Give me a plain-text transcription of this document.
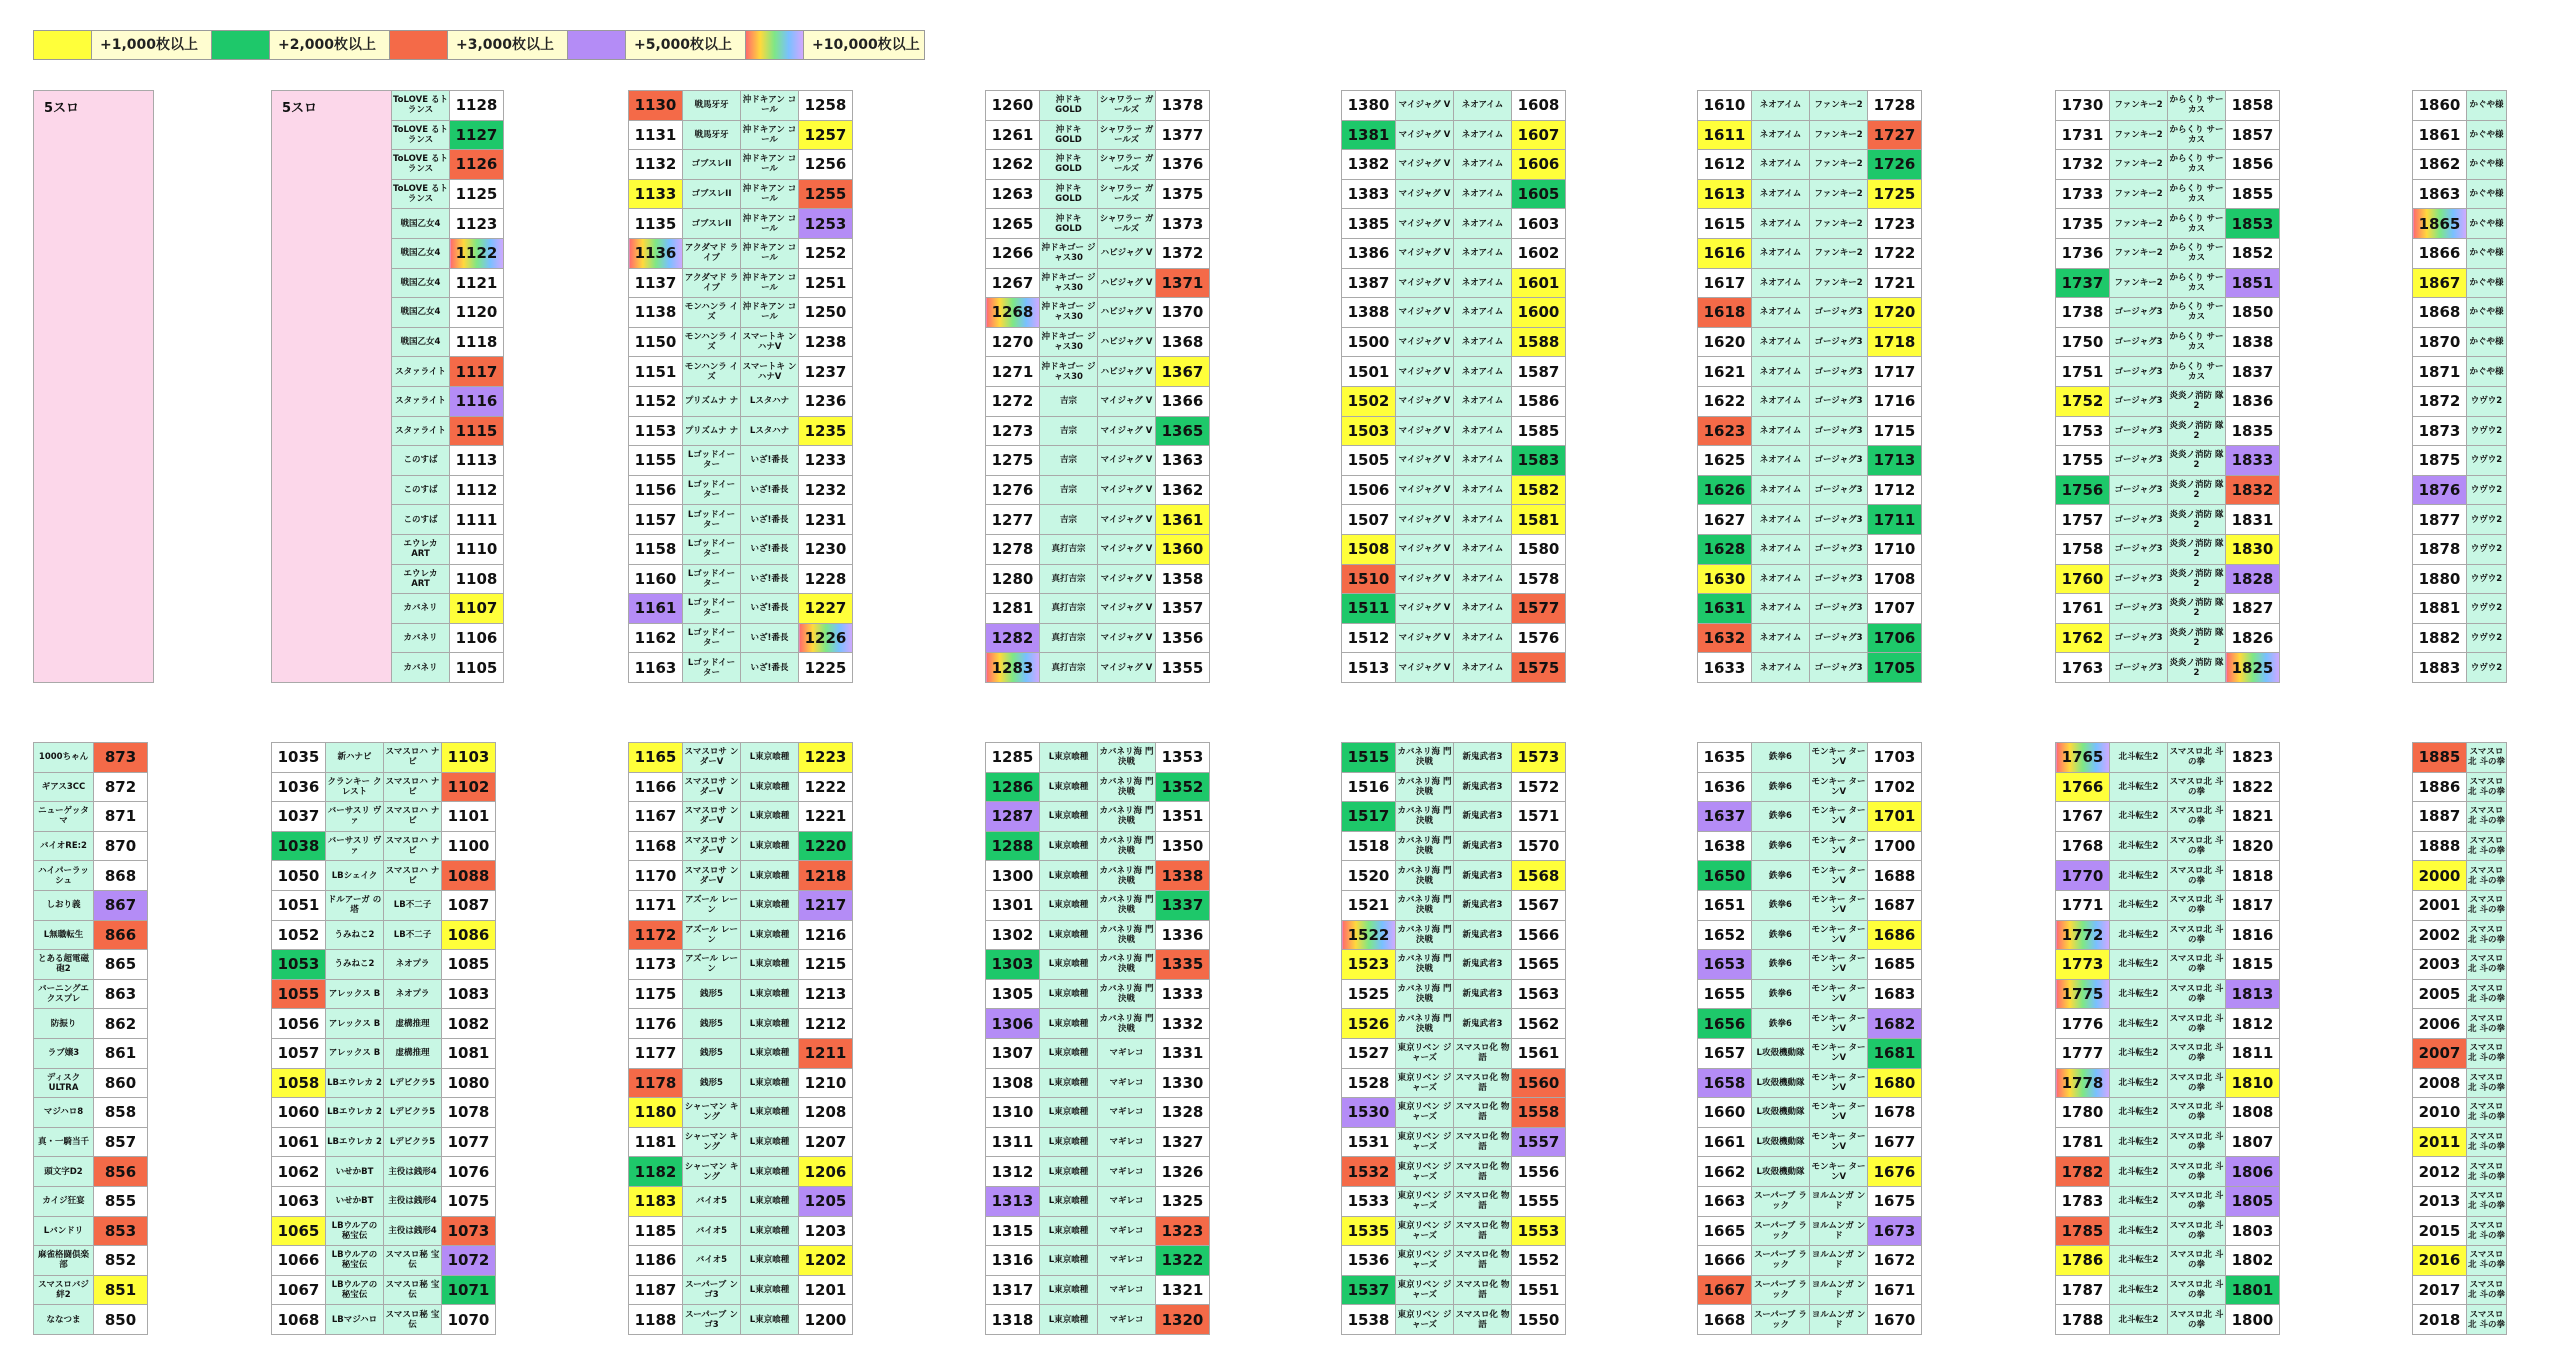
+1,000枚以上	+2,000枚以上	+3,000枚以上	+5,000枚以上	+10,000枚以上
5スロ	5スロ	ToLOVE るトランス	1128
	ToLOVE るトランス	1127
	ToLOVE るトランス	1126
	ToLOVE るトランス	1125
	戦国乙女4	1123
	戦国乙女4	1122
	戦国乙女4	1121
	戦国乙女4	1120
	戦国乙女4	1118
	スタァライト	1117
	スタァライト	1116
	スタァライト	1115
	このすば	1113
	このすば	1112
	このすば	1111
	エウレカ ART	1110
	エウレカ ART	1108
	カバネリ	1107
	カバネリ	1106
	カバネリ	1105
1130	戦馬牙牙	沖ドキアン コール	1258
1131	戦馬牙牙	沖ドキアン コール	1257
1132	ゴブスレII	沖ドキアン コール	1256
1133	ゴブスレII	沖ドキアン コール	1255
1135	ゴブスレII	沖ドキアン コール	1253
1136	アクダマド ライブ	沖ドキアン コール	1252
1137	アクダマド ライブ	沖ドキアン コール	1251
1138	モンハンラ イズ	沖ドキアン コール	1250
1150	モンハンラ イズ	スマートキ ンハナV	1238
1151	モンハンラ イズ	スマートキ ンハナV	1237
1152	プリズムナ ナ	Lスタハナ	1236
1153	プリズムナ ナ	Lスタハナ	1235
1155	Lゴッドイー ター	いざ!番長	1233
1156	Lゴッドイー ター	いざ!番長	1232
1157	Lゴッドイー ター	いざ!番長	1231
1158	Lゴッドイー ター	いざ!番長	1230
1160	Lゴッドイー ター	いざ!番長	1228
1161	Lゴッドイー ター	いざ!番長	1227
1162	Lゴッドイー ター	いざ!番長	1226
1163	Lゴッドイー ター	いざ!番長	1225
1260	沖ドキ GOLD	シャワラー ガールズ	1378
1261	沖ドキ GOLD	シャワラー ガールズ	1377
1262	沖ドキ GOLD	シャワラー ガールズ	1376
1263	沖ドキ GOLD	シャワラー ガールズ	1375
1265	沖ドキ GOLD	シャワラー ガールズ	1373
1266	沖ドキゴー ジャス30	ハピジャグ V	1372
1267	沖ドキゴー ジャス30	ハピジャグ V	1371
1268	沖ドキゴー ジャス30	ハピジャグ V	1370
1270	沖ドキゴー ジャス30	ハピジャグ V	1368
1271	沖ドキゴー ジャス30	ハピジャグ V	1367
1272	吉宗	マイジャグ V	1366
1273	吉宗	マイジャグ V	1365
1275	吉宗	マイジャグ V	1363
1276	吉宗	マイジャグ V	1362
1277	吉宗	マイジャグ V	1361
1278	真打吉宗	マイジャグ V	1360
1280	真打吉宗	マイジャグ V	1358
1281	真打吉宗	マイジャグ V	1357
1282	真打吉宗	マイジャグ V	1356
1283	真打吉宗	マイジャグ V	1355
1380	マイジャグ V	ネオアイム	1608
1381	マイジャグ V	ネオアイム	1607
1382	マイジャグ V	ネオアイム	1606
1383	マイジャグ V	ネオアイム	1605
1385	マイジャグ V	ネオアイム	1603
1386	マイジャグ V	ネオアイム	1602
1387	マイジャグ V	ネオアイム	1601
1388	マイジャグ V	ネオアイム	1600
1500	マイジャグ V	ネオアイム	1588
1501	マイジャグ V	ネオアイム	1587
1502	マイジャグ V	ネオアイム	1586
1503	マイジャグ V	ネオアイム	1585
1505	マイジャグ V	ネオアイム	1583
1506	マイジャグ V	ネオアイム	1582
1507	マイジャグ V	ネオアイム	1581
1508	マイジャグ V	ネオアイム	1580
1510	マイジャグ V	ネオアイム	1578
1511	マイジャグ V	ネオアイム	1577
1512	マイジャグ V	ネオアイム	1576
1513	マイジャグ V	ネオアイム	1575
1610	ネオアイム	ファンキー2	1728
1611	ネオアイム	ファンキー2	1727
1612	ネオアイム	ファンキー2	1726
1613	ネオアイム	ファンキー2	1725
1615	ネオアイム	ファンキー2	1723
1616	ネオアイム	ファンキー2	1722
1617	ネオアイム	ファンキー2	1721
1618	ネオアイム	ゴージャグ3	1720
1620	ネオアイム	ゴージャグ3	1718
1621	ネオアイム	ゴージャグ3	1717
1622	ネオアイム	ゴージャグ3	1716
1623	ネオアイム	ゴージャグ3	1715
1625	ネオアイム	ゴージャグ3	1713
1626	ネオアイム	ゴージャグ3	1712
1627	ネオアイム	ゴージャグ3	1711
1628	ネオアイム	ゴージャグ3	1710
1630	ネオアイム	ゴージャグ3	1708
1631	ネオアイム	ゴージャグ3	1707
1632	ネオアイム	ゴージャグ3	1706
1633	ネオアイム	ゴージャグ3	1705
1730	ファンキー2	からくり サーカス	1858
1731	ファンキー2	からくり サーカス	1857
1732	ファンキー2	からくり サーカス	1856
1733	ファンキー2	からくり サーカス	1855
1735	ファンキー2	からくり サーカス	1853
1736	ファンキー2	からくり サーカス	1852
1737	ファンキー2	からくり サーカス	1851
1738	ゴージャグ3	からくり サーカス	1850
1750	ゴージャグ3	からくり サーカス	1838
1751	ゴージャグ3	からくり サーカス	1837
1752	ゴージャグ3	炎炎ノ消防 隊2	1836
1753	ゴージャグ3	炎炎ノ消防 隊2	1835
1755	ゴージャグ3	炎炎ノ消防 隊2	1833
1756	ゴージャグ3	炎炎ノ消防 隊2	1832
1757	ゴージャグ3	炎炎ノ消防 隊2	1831
1758	ゴージャグ3	炎炎ノ消防 隊2	1830
1760	ゴージャグ3	炎炎ノ消防 隊2	1828
1761	ゴージャグ3	炎炎ノ消防 隊2	1827
1762	ゴージャグ3	炎炎ノ消防 隊2	1826
1763	ゴージャグ3	炎炎ノ消防 隊2	1825
1860	かぐや様
1861	かぐや様
1862	かぐや様
1863	かぐや様
1865	かぐや様
1866	かぐや様
1867	かぐや様
1868	かぐや様
1870	かぐや様
1871	かぐや様
1872	ウヴウ2
1873	ウヴウ2
1875	ウヴウ2
1876	ウヴウ2
1877	ウヴウ2
1878	ウヴウ2
1880	ウヴウ2
1881	ウヴウ2
1882	ウヴウ2
1883	ウヴウ2
1000ちゃん	873
ギアス3CC	872
ニューゲッタマ	871
バイオRE:2	870
ハイパーラッシュ	868
しおり義	867
L無職転生	866
とある超電磁砲2	865
バーニングエクスプレ	863
防振り	862
ラブ嬢3	861
ディスクULTRA	860
マジハロ8	858
真・一騎当千	857
頭文字D2	856
カイジ狂宴	855
Lバンドリ	853
麻雀格闘倶楽部	852
スマスロバジ絆2	851
ななつま	850
1035	新ハナビ	スマスロハ ナビ	1103
1036	クランキー クレスト	スマスロハ ナビ	1102
1037	バーサスリ ヴァ	スマスロハ ナビ	1101
1038	バーサスリ ヴァ	スマスロハ ナビ	1100
1050	LBシェイク	スマスロハ ナビ	1088
1051	ドルアーガ の塔	LB不二子	1087
1052	うみねこ2	LB不二子	1086
1053	うみねこ2	ネオプラ	1085
1055	アレックス B	ネオプラ	1083
1056	アレックス B	虚構推理	1082
1057	アレックス B	虚構推理	1081
1058	LBエウレカ 2	Lデビクラ5	1080
1060	LBエウレカ 2	Lデビクラ5	1078
1061	LBエウレカ 2	Lデビクラ5	1077
1062	いせかBT	主役は銭形4	1076
1063	いせかBT	主役は銭形4	1075
1065	LBウルアの 秘宝伝	主役は銭形4	1073
1066	LBウルアの 秘宝伝	スマスロ秘 宝伝	1072
1067	LBウルアの 秘宝伝	スマスロ秘 宝伝	1071
1068	LBマジハロ	スマスロ秘 宝伝	1070
1165	スマスロサ ンダーV	L東京喰種	1223
1166	スマスロサ ンダーV	L東京喰種	1222
1167	スマスロサ ンダーV	L東京喰種	1221
1168	スマスロサ ンダーV	L東京喰種	1220
1170	スマスロサ ンダーV	L東京喰種	1218
1171	アズール レーン	L東京喰種	1217
1172	アズール レーン	L東京喰種	1216
1173	アズール レーン	L東京喰種	1215
1175	銭形5	L東京喰種	1213
1176	銭形5	L東京喰種	1212
1177	銭形5	L東京喰種	1211
1178	銭形5	L東京喰種	1210
1180	シャーマン キング	L東京喰種	1208
1181	シャーマン キング	L東京喰種	1207
1182	シャーマン キング	L東京喰種	1206
1183	バイオ5	L東京喰種	1205
1185	バイオ5	L東京喰種	1203
1186	バイオ5	L東京喰種	1202
1187	スーパーブ ンゴ3	L東京喰種	1201
1188	スーパーブ ンゴ3	L東京喰種	1200
1285	L東京喰種	カバネリ海 門決戦	1353
1286	L東京喰種	カバネリ海 門決戦	1352
1287	L東京喰種	カバネリ海 門決戦	1351
1288	L東京喰種	カバネリ海 門決戦	1350
1300	L東京喰種	カバネリ海 門決戦	1338
1301	L東京喰種	カバネリ海 門決戦	1337
1302	L東京喰種	カバネリ海 門決戦	1336
1303	L東京喰種	カバネリ海 門決戦	1335
1305	L東京喰種	カバネリ海 門決戦	1333
1306	L東京喰種	カバネリ海 門決戦	1332
1307	L東京喰種	マギレコ	1331
1308	L東京喰種	マギレコ	1330
1310	L東京喰種	マギレコ	1328
1311	L東京喰種	マギレコ	1327
1312	L東京喰種	マギレコ	1326
1313	L東京喰種	マギレコ	1325
1315	L東京喰種	マギレコ	1323
1316	L東京喰種	マギレコ	1322
1317	L東京喰種	マギレコ	1321
1318	L東京喰種	マギレコ	1320
1515	カバネリ海 門決戦	新鬼武者3	1573
1516	カバネリ海 門決戦	新鬼武者3	1572
1517	カバネリ海 門決戦	新鬼武者3	1571
1518	カバネリ海 門決戦	新鬼武者3	1570
1520	カバネリ海 門決戦	新鬼武者3	1568
1521	カバネリ海 門決戦	新鬼武者3	1567
1522	カバネリ海 門決戦	新鬼武者3	1566
1523	カバネリ海 門決戦	新鬼武者3	1565
1525	カバネリ海 門決戦	新鬼武者3	1563
1526	カバネリ海 門決戦	新鬼武者3	1562
1527	東京リベン ジャーズ	スマスロ化 物語	1561
1528	東京リベン ジャーズ	スマスロ化 物語	1560
1530	東京リベン ジャーズ	スマスロ化 物語	1558
1531	東京リベン ジャーズ	スマスロ化 物語	1557
1532	東京リベン ジャーズ	スマスロ化 物語	1556
1533	東京リベン ジャーズ	スマスロ化 物語	1555
1535	東京リベン ジャーズ	スマスロ化 物語	1553
1536	東京リベン ジャーズ	スマスロ化 物語	1552
1537	東京リベン ジャーズ	スマスロ化 物語	1551
1538	東京リベン ジャーズ	スマスロ化 物語	1550
1635	鉄拳6	モンキー ターンV	1703
1636	鉄拳6	モンキー ターンV	1702
1637	鉄拳6	モンキー ターンV	1701
1638	鉄拳6	モンキー ターンV	1700
1650	鉄拳6	モンキー ターンV	1688
1651	鉄拳6	モンキー ターンV	1687
1652	鉄拳6	モンキー ターンV	1686
1653	鉄拳6	モンキー ターンV	1685
1655	鉄拳6	モンキー ターンV	1683
1656	鉄拳6	モンキー ターンV	1682
1657	L攻殻機動隊	モンキー ターンV	1681
1658	L攻殻機動隊	モンキー ターンV	1680
1660	L攻殻機動隊	モンキー ターンV	1678
1661	L攻殻機動隊	モンキー ターンV	1677
1662	L攻殻機動隊	モンキー ターンV	1676
1663	スーパーブ ラック	ヨルムンガ ンド	1675
1665	スーパーブ ラック	ヨルムンガ ンド	1673
1666	スーパーブ ラック	ヨルムンガ ンド	1672
1667	スーパーブ ラック	ヨルムンガ ンド	1671
1668	スーパーブ ラック	ヨルムンガ ンド	1670
1765	北斗転生2	スマスロ北 斗の拳	1823
1766	北斗転生2	スマスロ北 斗の拳	1822
1767	北斗転生2	スマスロ北 斗の拳	1821
1768	北斗転生2	スマスロ北 斗の拳	1820
1770	北斗転生2	スマスロ北 斗の拳	1818
1771	北斗転生2	スマスロ北 斗の拳	1817
1772	北斗転生2	スマスロ北 斗の拳	1816
1773	北斗転生2	スマスロ北 斗の拳	1815
1775	北斗転生2	スマスロ北 斗の拳	1813
1776	北斗転生2	スマスロ北 斗の拳	1812
1777	北斗転生2	スマスロ北 斗の拳	1811
1778	北斗転生2	スマスロ北 斗の拳	1810
1780	北斗転生2	スマスロ北 斗の拳	1808
1781	北斗転生2	スマスロ北 斗の拳	1807
1782	北斗転生2	スマスロ北 斗の拳	1806
1783	北斗転生2	スマスロ北 斗の拳	1805
1785	北斗転生2	スマスロ北 斗の拳	1803
1786	北斗転生2	スマスロ北 斗の拳	1802
1787	北斗転生2	スマスロ北 斗の拳	1801
1788	北斗転生2	スマスロ北 斗の拳	1800
1885	スマスロ北 斗の拳
1886	スマスロ北 斗の拳
1887	スマスロ北 斗の拳
1888	スマスロ北 斗の拳
2000	スマスロ北 斗の拳
2001	スマスロ北 斗の拳
2002	スマスロ北 斗の拳
2003	スマスロ北 斗の拳
2005	スマスロ北 斗の拳
2006	スマスロ北 斗の拳
2007	スマスロ北 斗の拳
2008	スマスロ北 斗の拳
2010	スマスロ北 斗の拳
2011	スマスロ北 斗の拳
2012	スマスロ北 斗の拳
2013	スマスロ北 斗の拳
2015	スマスロ北 斗の拳
2016	スマスロ北 斗の拳
2017	スマスロ北 斗の拳
2018	スマスロ北 斗の拳
